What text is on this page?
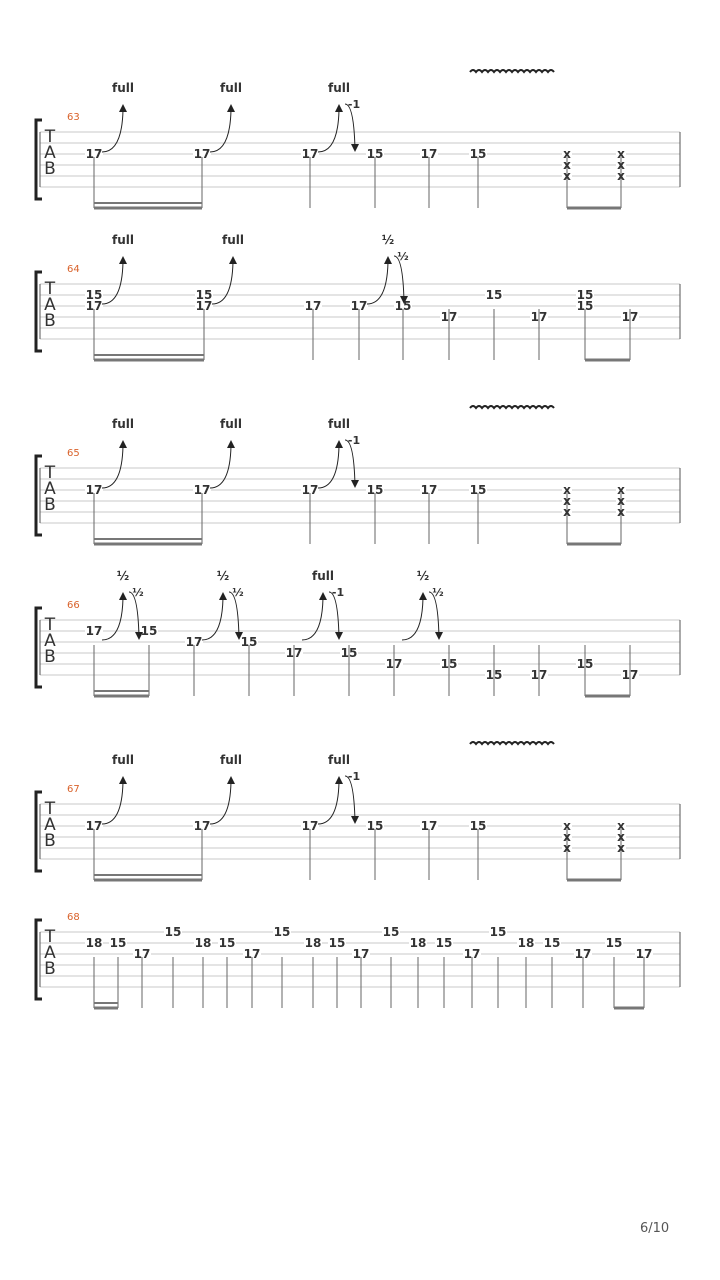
T
A
B
63
17	17	17	15	17	15	x
x
x
x
x
x
full	full	full
-1
T
A
B
64
15
17
15
17	17 17 15
17
15
17
15
15
17
full	full	½
½
T
A
B
65
17	17	17	15	17	15	x
x
x
x
x
x
full	full	full
-1
T
A
B
66
17	15
17	15
17	15
17	15
15 17
15
17
½
½
½
½
full
-1
½
½
T
A
B
67
17	17	17	15	17	15	x
x
x
x
x
x
full	full	full
-1
T
A
B
68
18 15
17
15
18 15
17
15
18 15
17
15
18 15
17
15
18 15
17
15
17
6/10
